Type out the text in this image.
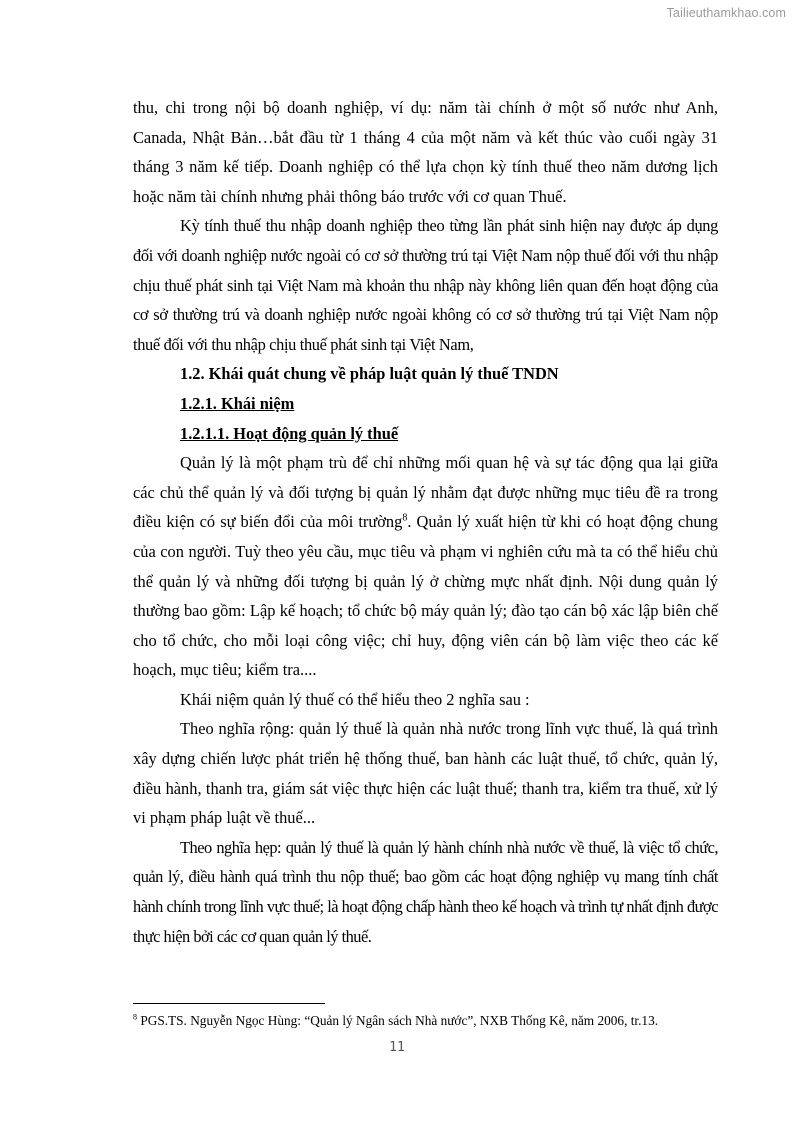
Tailieuthamkhao.com

thu, chi trong nội bộ doanh nghiệp, ví dụ: năm tài chính ở một số nước như Anh, Canada, Nhật Bản…bắt đầu từ 1 tháng 4 của một năm và kết thúc vào cuối ngày 31 tháng 3 năm kế tiếp. Doanh nghiệp có thể lựa chọn kỳ tính thuế theo năm dương lịch hoặc năm tài chính nhưng phải thông báo trước với cơ quan Thuế.

Kỳ tính thuế thu nhập doanh nghiệp theo từng lần phát sinh hiện nay được áp dụng đối với doanh nghiệp nước ngoài có cơ sở thường trú tại Việt Nam nộp thuế đối với thu nhập chịu thuế phát sinh tại Việt Nam mà khoản thu nhập này không liên quan đến hoạt động của cơ sở thường trú và doanh nghiệp nước ngoài không có cơ sở thường trú tại Việt Nam nộp thuế đối với thu nhập chịu thuế phát sinh tại Việt Nam,

1.2. Khái quát chung về pháp luật quản lý thuế TNDN

1.2.1. Khái niệm

1.2.1.1. Hoạt động quản lý thuế

Quản lý là một phạm trù để chỉ những mối quan hệ và sự tác động qua lại giữa các chủ thể quản lý và đối tượng bị quản lý nhằm đạt được những mục tiêu đề ra trong điều kiện có sự biến đổi của môi trường$^8$. Quản lý xuất hiện từ khi có hoạt động chung của con người. Tuỳ theo yêu cầu, mục tiêu và phạm vi nghiên cứu mà ta có thể hiểu chủ thể quản lý và những đối tượng bị quản lý ở chừng mực nhất định. Nội dung quản lý thường bao gồm: Lập kế hoạch; tổ chức bộ máy quản lý; đào tạo cán bộ xác lập biên chế cho tổ chức, cho mỗi loại công việc; chỉ huy, động viên cán bộ làm việc theo các kế hoạch, mục tiêu; kiểm tra....

Khái niệm quản lý thuế có thể hiểu theo 2 nghĩa sau :

Theo nghĩa rộng: quản lý thuế là quản nhà nước trong lĩnh vực thuế, là quá trình xây dựng chiến lược phát triển hệ thống thuế, ban hành các luật thuế, tổ chức, quản lý, điều hành, thanh tra, giám sát việc thực hiện các luật thuế; thanh tra, kiểm tra thuế, xử lý vi phạm pháp luật về thuế...

Theo nghĩa hẹp: quản lý thuế là quản lý hành chính nhà nước về thuế, là việc tổ chức, quản lý, điều hành quá trình thu nộp thuế; bao gồm các hoạt động nghiệp vụ mang tính chất hành chính trong lĩnh vực thuế; là hoạt động chấp hành theo kế hoạch và trình tự nhất định được thực hiện bởi các cơ quan quản lý thuế.

$^8$ PGS.TS. Nguyễn Ngọc Hùng: “Quản lý Ngân sách Nhà nước”, NXB Thống Kê, năm 2006, tr.13.
11
